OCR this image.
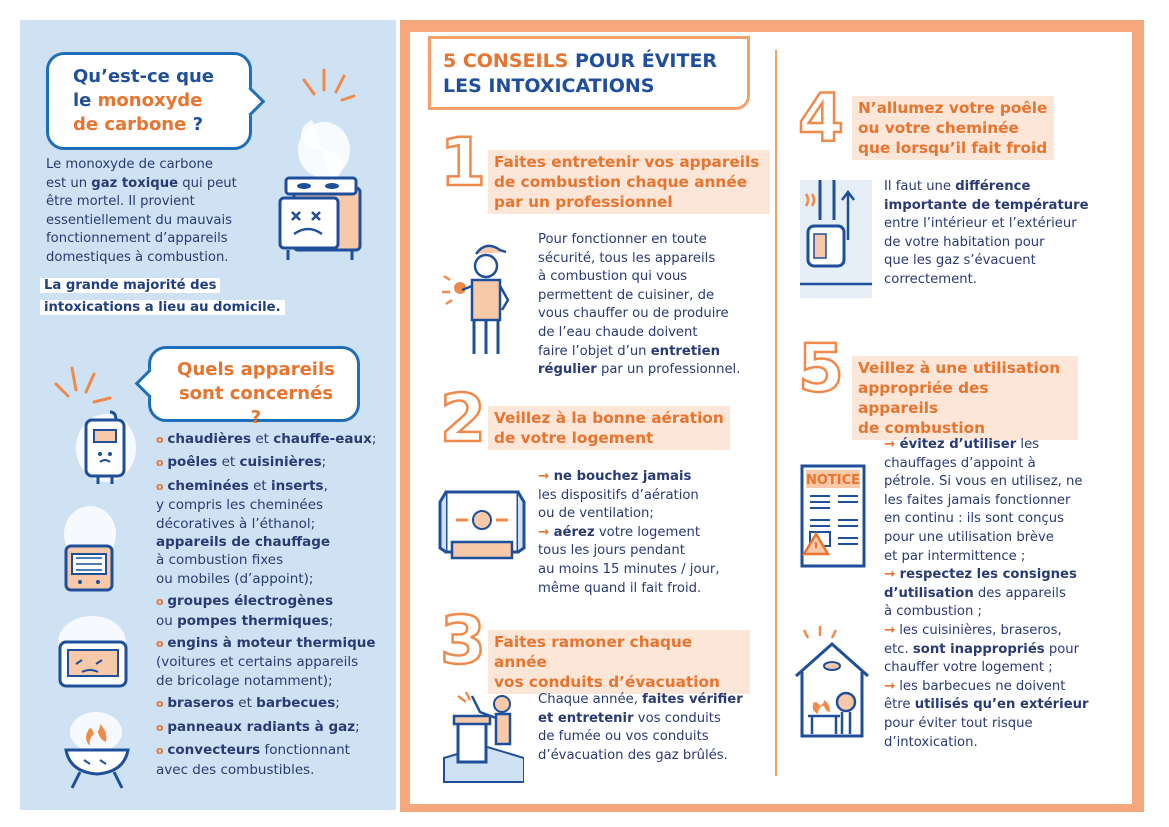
Qu’est-ce que
le monoxyde
de carbone ?
Le monoxyde de carbone
est un gaz toxique qui peut
être mortel. Il provient
essentiellement du mauvais
fonctionnement d’appareils
domestiques à combustion.
La grande majorité des
intoxications a lieu au domicile.
Quels appareils
sont concernés ?
o chaudières et chauffe-eaux;
o poêles et cuisinières;
o cheminées et inserts,
y compris les cheminées
décoratives à l’éthanol;
appareils de chauffage
à combustion fixes
ou mobiles (d’appoint);
o groupes électrogènes
ou pompes thermiques;
o engins à moteur thermique
(voitures et certains appareils
de bricolage notamment);
o braseros et barbecues;
o panneaux radiants à gaz;
o convecteurs fonctionnant
avec des combustibles.
5 CONSEILS POUR ÉVITER
LES INTOXICATIONS
1 Faites entretenir vos appareils
de combustion chaque année
par un professionnel
Pour fonctionner en toute
sécurité, tous les appareils
à combustion qui vous
permettent de cuisiner, de
vous chauffer ou de produire
de l’eau chaude doivent
faire l’objet d’un entretien
régulier par un professionnel.
2 Veillez à la bonne aération
de votre logement
→ ne bouchez jamais
les dispositifs d’aération
ou de ventilation;
→ aérez votre logement
tous les jours pendant
au moins 15 minutes / jour,
même quand il fait froid.
3 Faites ramoner chaque année
vos conduits d’évacuation
Chaque année, faites vérifier
et entretenir vos conduits
de fumée ou vos conduits
d’évacuation des gaz brûlés.
4 N’allumez votre poêle
ou votre cheminée
que lorsqu’il fait froid
Il faut une différence
importante de température
entre l’intérieur et l’extérieur
de votre habitation pour
que les gaz s’évacuent
correctement.
5 Veillez à une utilisation
appropriée des appareils
de combustion
NOTICE
→ évitez d’utiliser les
chauffages d’appoint à
pétrole. Si vous en utilisez, ne
les faites jamais fonctionner
en continu : ils sont conçus
pour une utilisation brève
et par intermittence ;
→ respectez les consignes
d’utilisation des appareils
à combustion ;
→ les cuisinières, braseros,
etc. sont inappropriés pour
chauffer votre logement ;
→ les barbecues ne doivent
être utilisés qu’en extérieur
pour éviter tout risque
d’intoxication.
